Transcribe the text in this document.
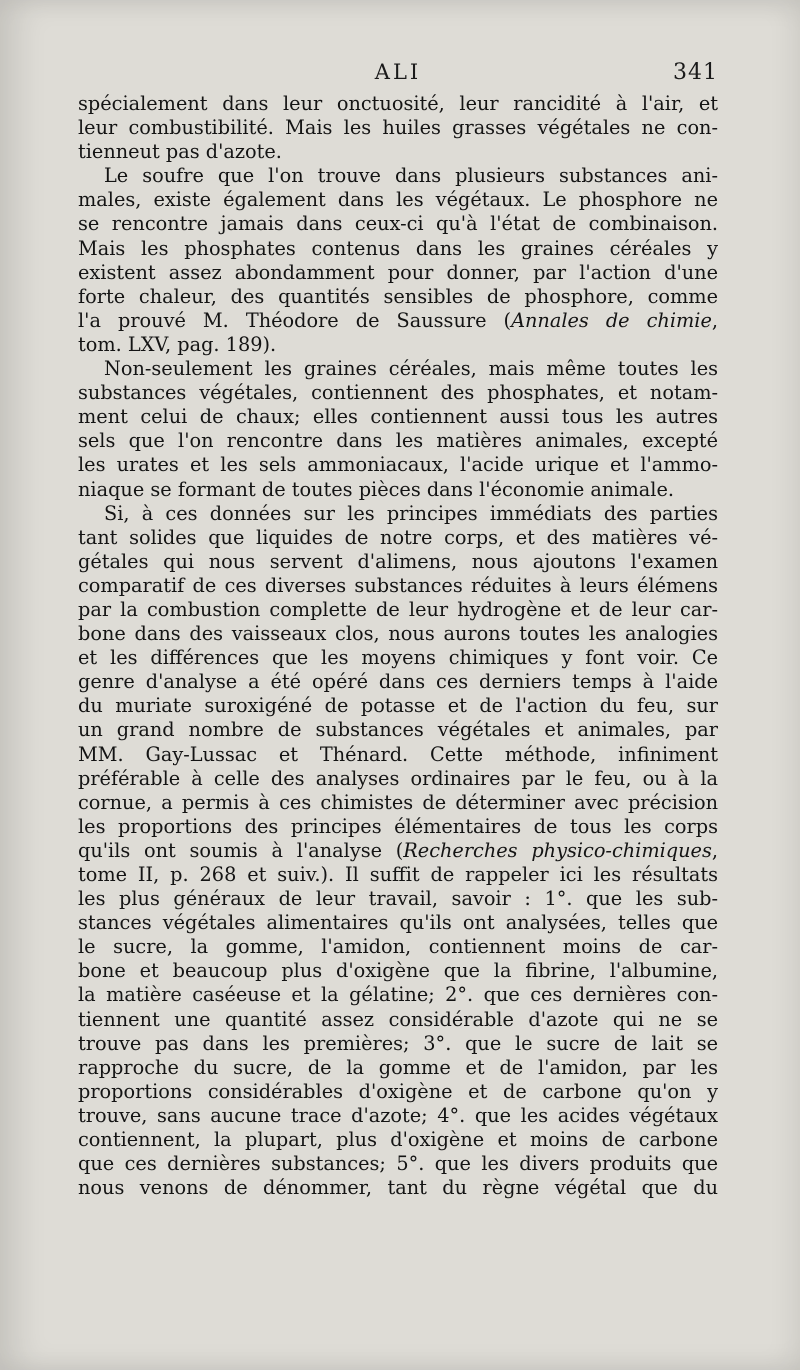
ALI	341
spécialement dans leur onctuosité, leur rancidité à l'air, et
leur combustibilité. Mais les huiles grasses végétales ne con-
tienneut pas d'azote.
Le soufre que l'on trouve dans plusieurs substances ani-
males, existe également dans les végétaux. Le phosphore ne
se rencontre jamais dans ceux-ci qu'à l'état de combinaison.
Mais les phosphates contenus dans les graines céréales y
existent assez abondamment pour donner, par l'action d'une
forte chaleur, des quantités sensibles de phosphore, comme
l'a prouvé M. Théodore de Saussure (Annales de chimie,
tom. LXV, pag. 189).
Non-seulement les graines céréales, mais même toutes les
substances végétales, contiennent des phosphates, et notam-
ment celui de chaux; elles contiennent aussi tous les autres
sels que l'on rencontre dans les matières animales, excepté
les urates et les sels ammoniacaux, l'acide urique et l'ammo-
niaque se formant de toutes pièces dans l'économie animale.
Si, à ces données sur les principes immédiats des parties
tant solides que liquides de notre corps, et des matières vé-
gétales qui nous servent d'alimens, nous ajoutons l'examen
comparatif de ces diverses substances réduites à leurs élémens
par la combustion complette de leur hydrogène et de leur car-
bone dans des vaisseaux clos, nous aurons toutes les analogies
et les différences que les moyens chimiques y font voir. Ce
genre d'analyse a été opéré dans ces derniers temps à l'aide
du muriate suroxigéné de potasse et de l'action du feu, sur
un grand nombre de substances végétales et animales, par
MM. Gay-Lussac et Thénard. Cette méthode, infiniment
préférable à celle des analyses ordinaires par le feu, ou à la
cornue, a permis à ces chimistes de déterminer avec précision
les proportions des principes élémentaires de tous les corps
qu'ils ont soumis à l'analyse (Recherches physico-chimiques,
tome II, p. 268 et suiv.). Il suffit de rappeler ici les résultats
les plus généraux de leur travail, savoir : 1°. que les sub-
stances végétales alimentaires qu'ils ont analysées, telles que
le sucre, la gomme, l'amidon, contiennent moins de car-
bone et beaucoup plus d'oxigène que la fibrine, l'albumine,
la matière caséeuse et la gélatine; 2°. que ces dernières con-
tiennent une quantité assez considérable d'azote qui ne se
trouve pas dans les premières; 3°. que le sucre de lait se
rapproche du sucre, de la gomme et de l'amidon, par les
proportions considérables d'oxigène et de carbone qu'on y
trouve, sans aucune trace d'azote; 4°. que les acides végétaux
contiennent, la plupart, plus d'oxigène et moins de carbone
que ces dernières substances; 5°. que les divers produits que
nous venons de dénommer, tant du règne végétal que du
